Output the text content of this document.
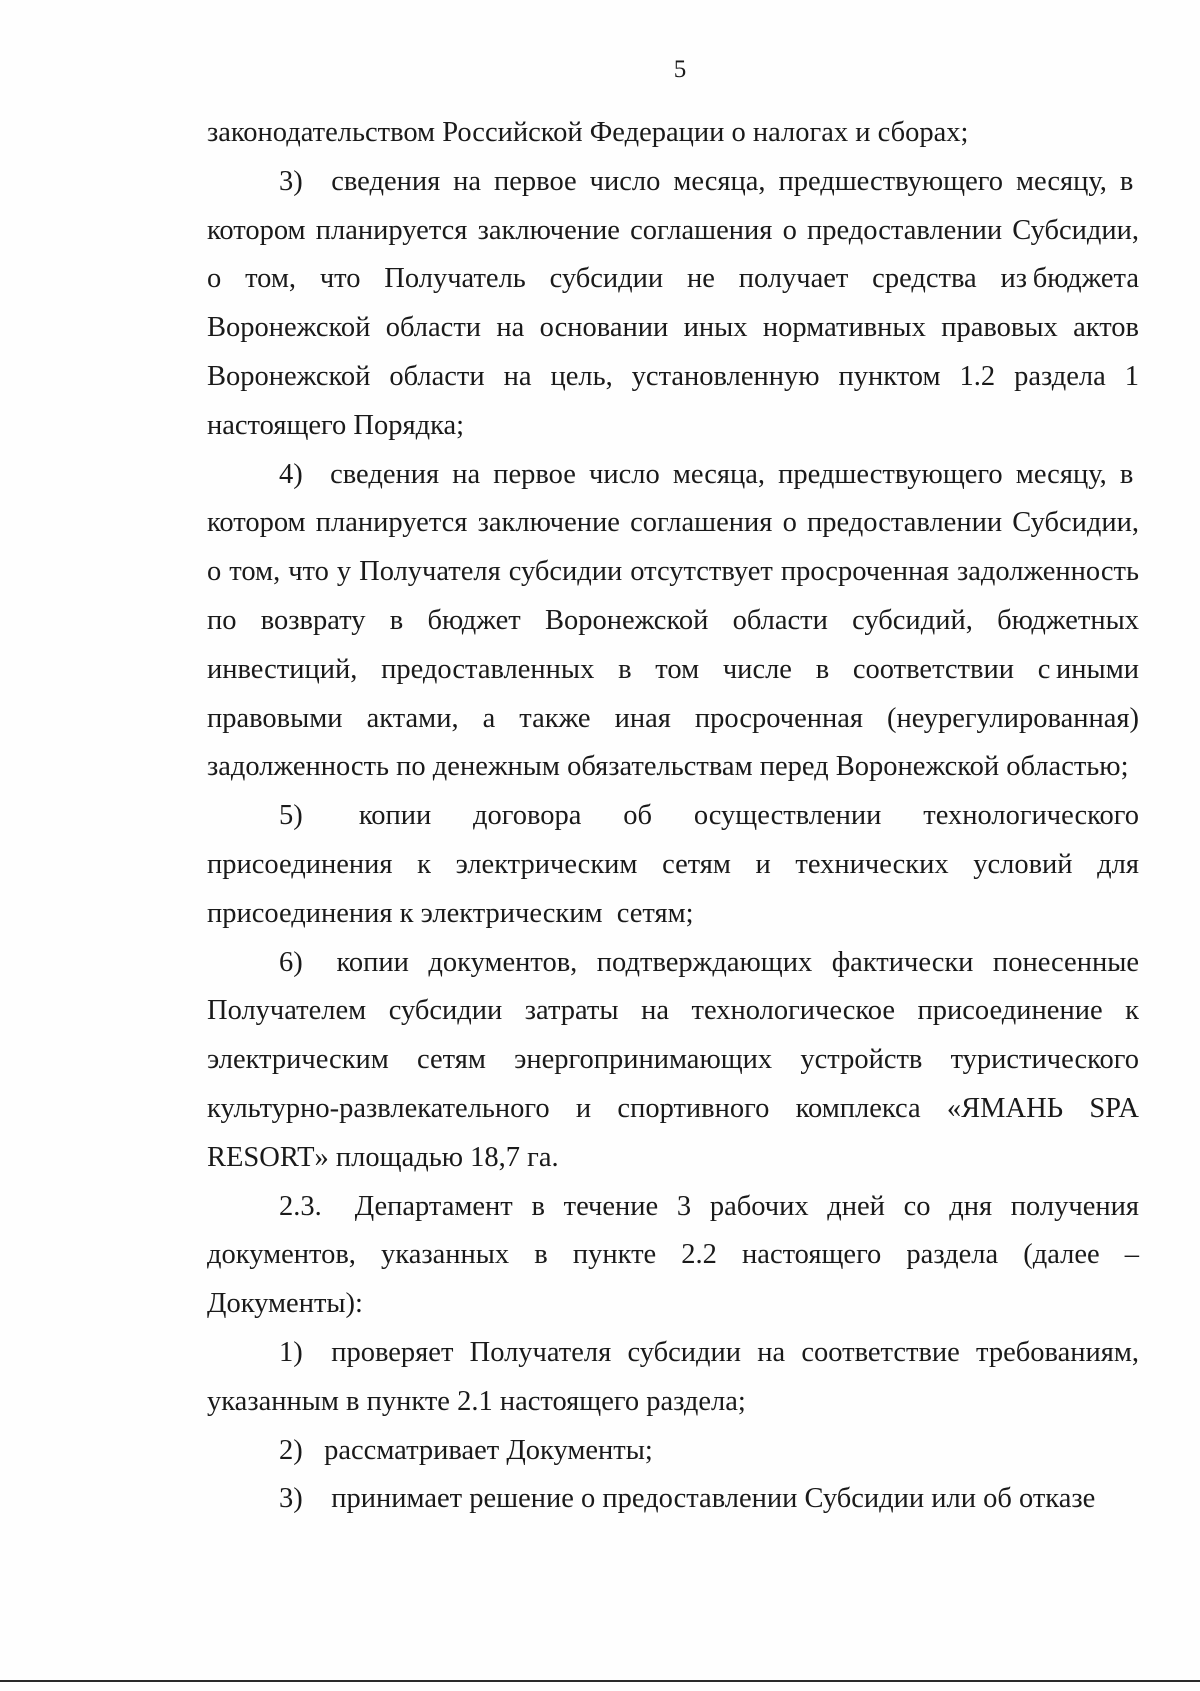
5

законодательством Российской Федерации о налогах и сборах;

3) сведения на первое число месяца, предшествующего месяцу, в котором планируется заключение соглашения о предоставлении Субсидии, о том, что Получатель субсидии не получает средства из бюджета Воронежской области на основании иных нормативных правовых актов Воронежской области на цель, установленную пунктом 1.2 раздела 1 настоящего Порядка;

4)  сведения на первое число месяца, предшествующего месяцу, в котором планируется заключение соглашения о предоставлении Субсидии, о том, что у Получателя субсидии отсутствует просроченная задолженность по возврату в бюджет Воронежской области субсидий, бюджетных инвестиций, предоставленных в том числе в соответствии с иными правовыми актами, а также иная просроченная (неурегулированная) задолженность по денежным обязательствам перед Воронежской областью;

5)  копии договора об осуществлении технологического присоединения к электрическим сетям и технических условий для присоединения к электрическим сетям;

6)  копии документов, подтверждающих фактически понесенные Получателем субсидии затраты на технологическое присоединение к электрическим сетям энергопринимающих устройств туристического культурно-развлекательного и спортивного комплекса «ЯМАНЬ SPA RESORT» площадью 18,7 га.

2.3.  Департамент в течение 3 рабочих дней со дня получения документов, указанных в пункте 2.2 настоящего раздела (далее – Документы):

1) проверяет Получателя субсидии на соответствие требованиям, указанным в пункте 2.1 настоящего раздела;

2)  рассматривает Документы;

3) принимает решение о предоставлении Субсидии или об отказе
